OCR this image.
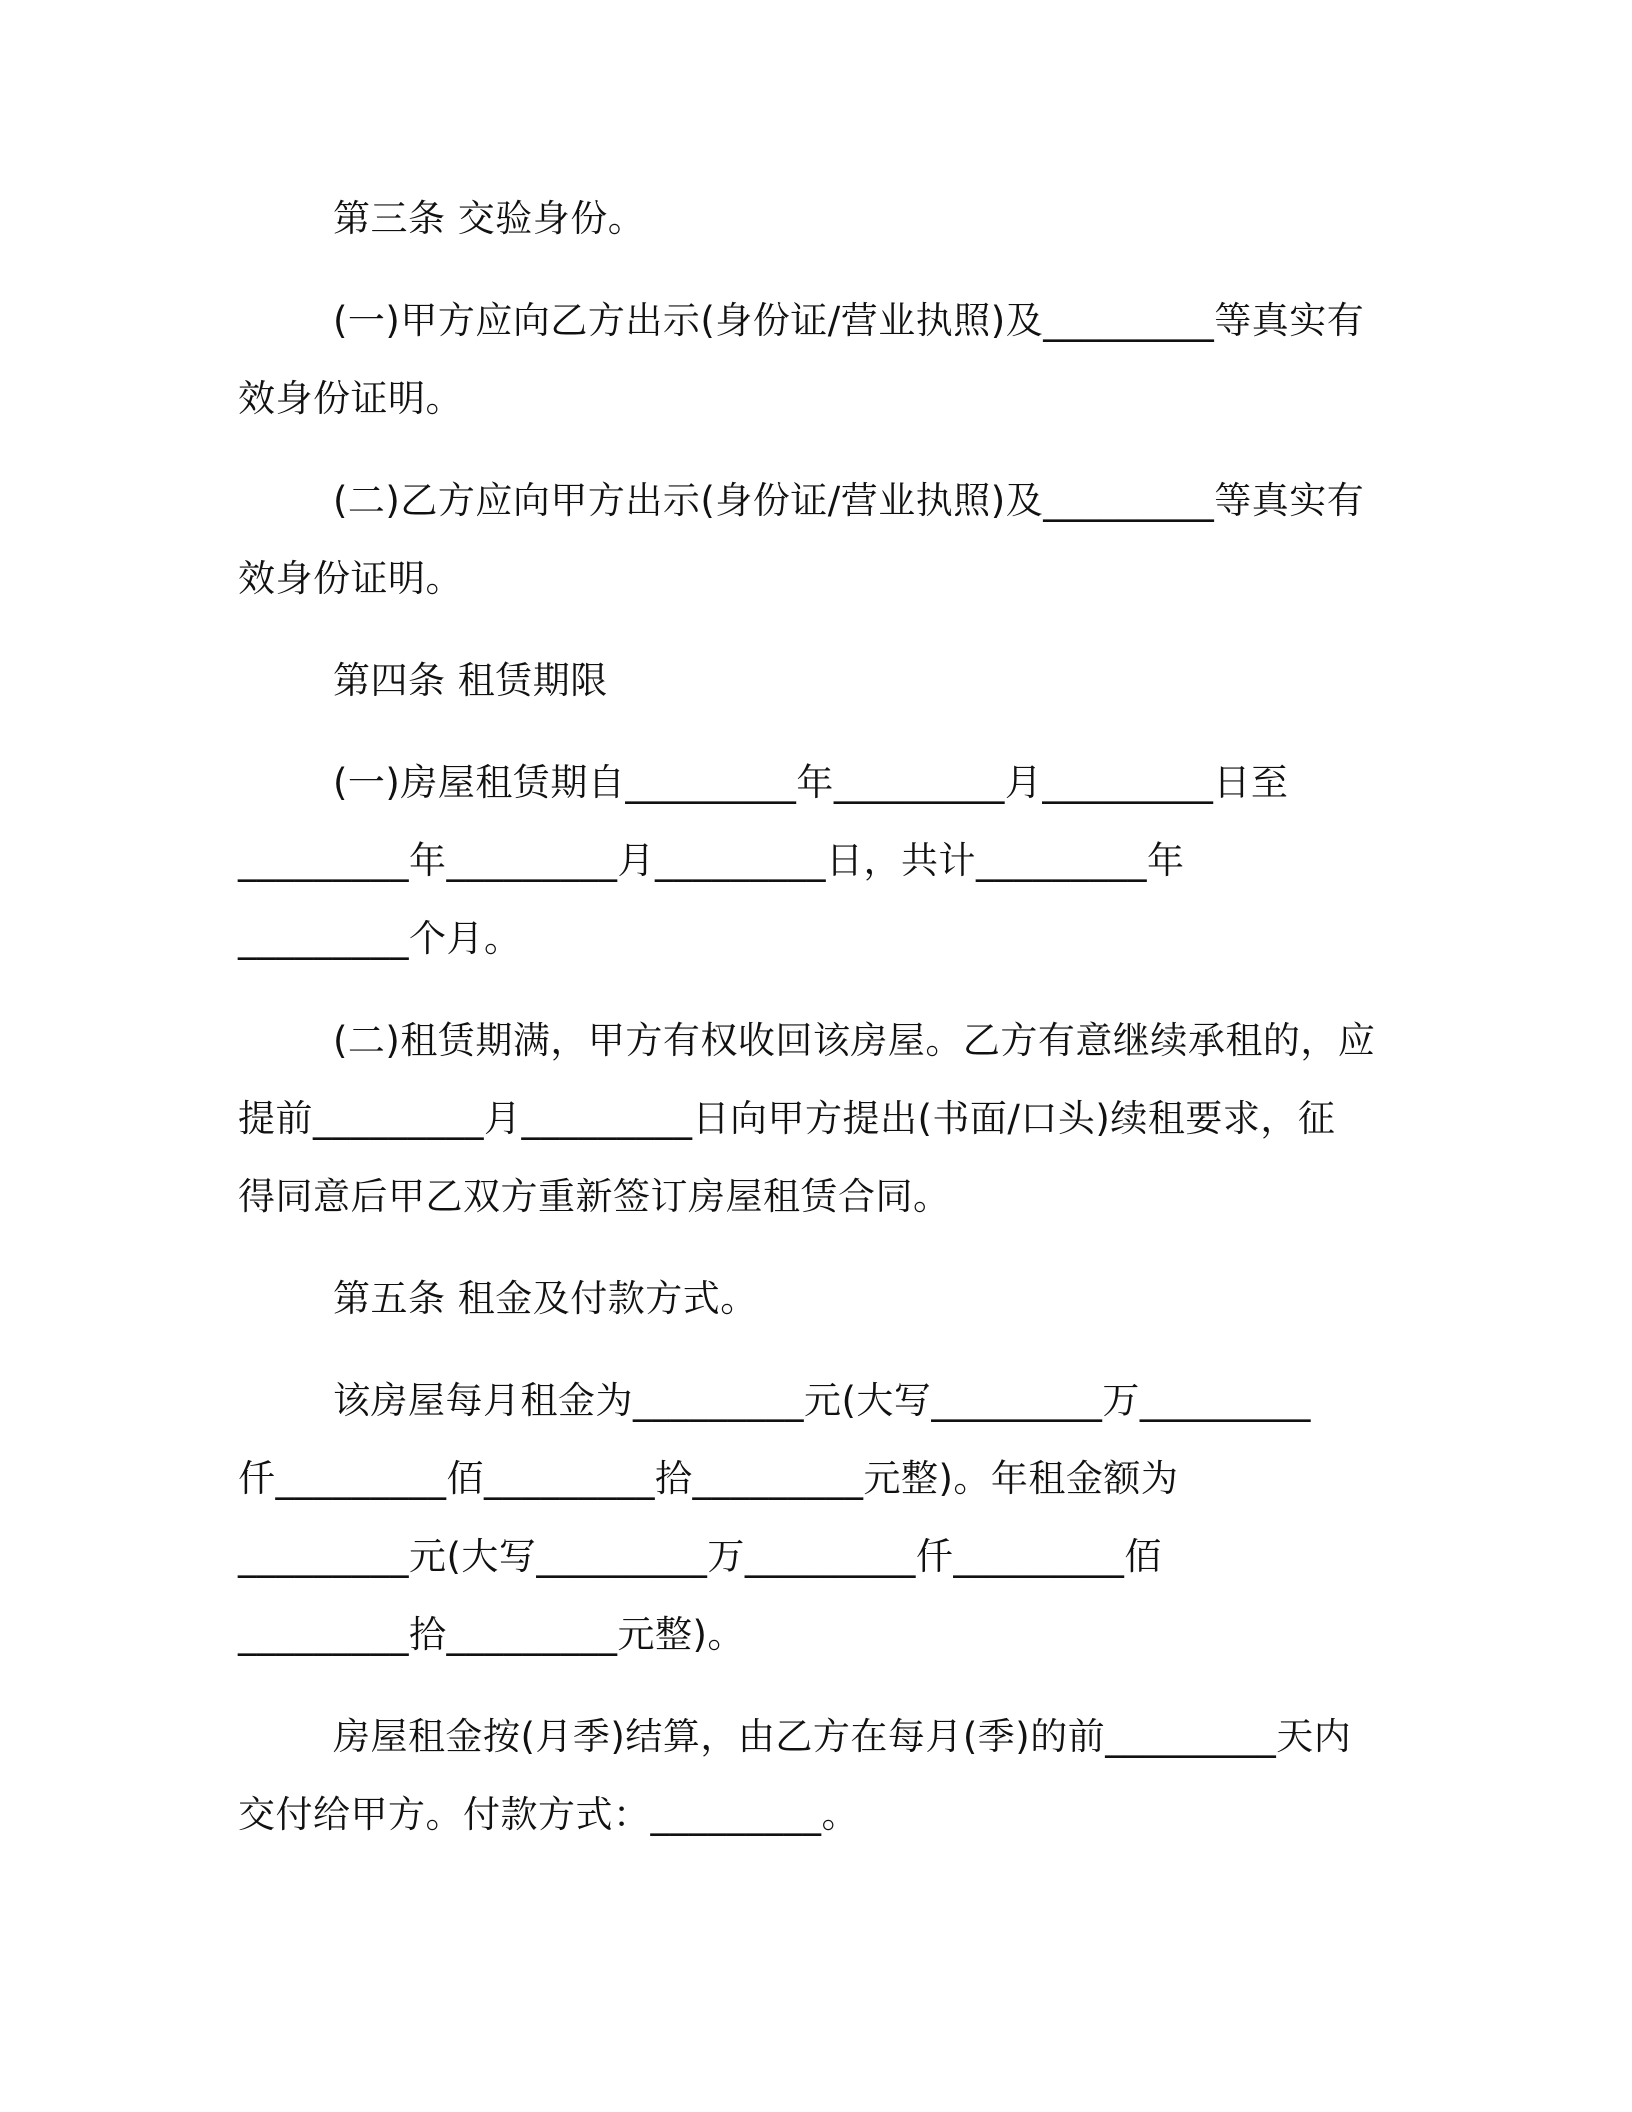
第三条 交验身份。

(一)甲方应向乙方出示(身份证/营业执照)及_________等真实有

效身份证明。

(二)乙方应向甲方出示(身份证/营业执照)及_________等真实有

效身份证明。

第四条 租赁期限

(一)房屋租赁期自_________年_________月_________日至

_________年_________月_________日，共计_________年

_________个月。

(二)租赁期满，甲方有权收回该房屋。乙方有意继续承租的，应

提前_________月_________日向甲方提出(书面/口头)续租要求，征

得同意后甲乙双方重新签订房屋租赁合同。

第五条 租金及付款方式。

该房屋每月租金为_________元(大写_________万_________

仟_________佰_________拾_________元整)。年租金额为

_________元(大写_________万_________仟_________佰

_________拾_________元整)。

房屋租金按(月季)结算，由乙方在每月(季)的前_________天内

交付给甲方。付款方式：_________。
